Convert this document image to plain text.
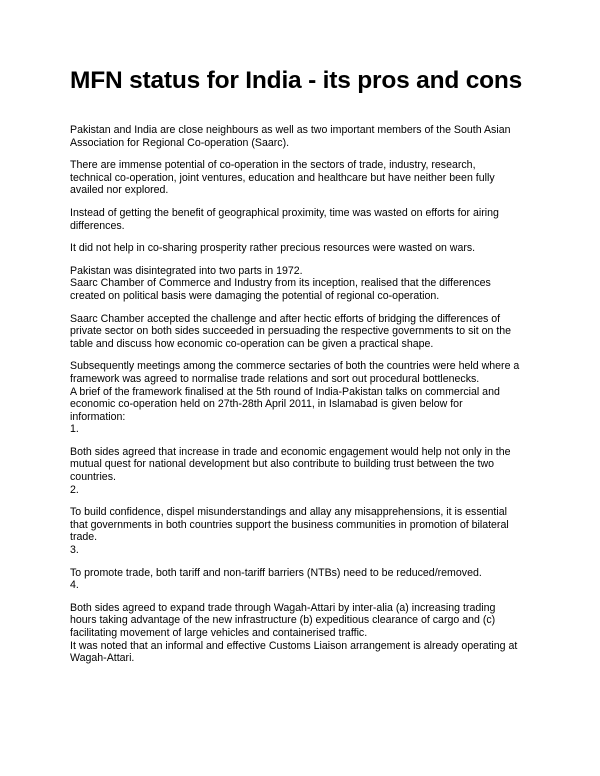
MFN status for India - its pros and cons

Pakistan and India are close neighbours as well as two important members of the South Asian
Association for Regional Co-operation (Saarc).

There are immense potential of co-operation in the sectors of trade, industry, research,
technical co-operation, joint ventures, education and healthcare but have neither been fully
availed nor explored.

Instead of getting the benefit of geographical proximity, time was wasted on efforts for airing
differences.

It did not help in co-sharing prosperity rather precious resources were wasted on wars.

Pakistan was disintegrated into two parts in 1972.
Saarc Chamber of Commerce and Industry from its inception, realised that the differences
created on political basis were damaging the potential of regional co-operation.

Saarc Chamber accepted the challenge and after hectic efforts of bridging the differences of
private sector on both sides succeeded in persuading the respective governments to sit on the
table and discuss how economic co-operation can be given a practical shape.

Subsequently meetings among the commerce sectaries of both the countries were held where a
framework was agreed to normalise trade relations and sort out procedural bottlenecks.
A brief of the framework finalised at the 5th round of India-Pakistan talks on commercial and
economic co-operation held on 27th-28th April 2011, in Islamabad is given below for
information:
1.

Both sides agreed that increase in trade and economic engagement would help not only in the
mutual quest for national development but also contribute to building trust between the two
countries.
2.

To build confidence, dispel misunderstandings and allay any misapprehensions, it is essential
that governments in both countries support the business communities in promotion of bilateral
trade.
3.

To promote trade, both tariff and non-tariff barriers (NTBs) need to be reduced/removed.
4.

Both sides agreed to expand trade through Wagah-Attari by inter-alia (a) increasing trading
hours taking advantage of the new infrastructure (b) expeditious clearance of cargo and (c)
facilitating movement of large vehicles and containerised traffic.
It was noted that an informal and effective Customs Liaison arrangement is already operating at
Wagah-Attari.
